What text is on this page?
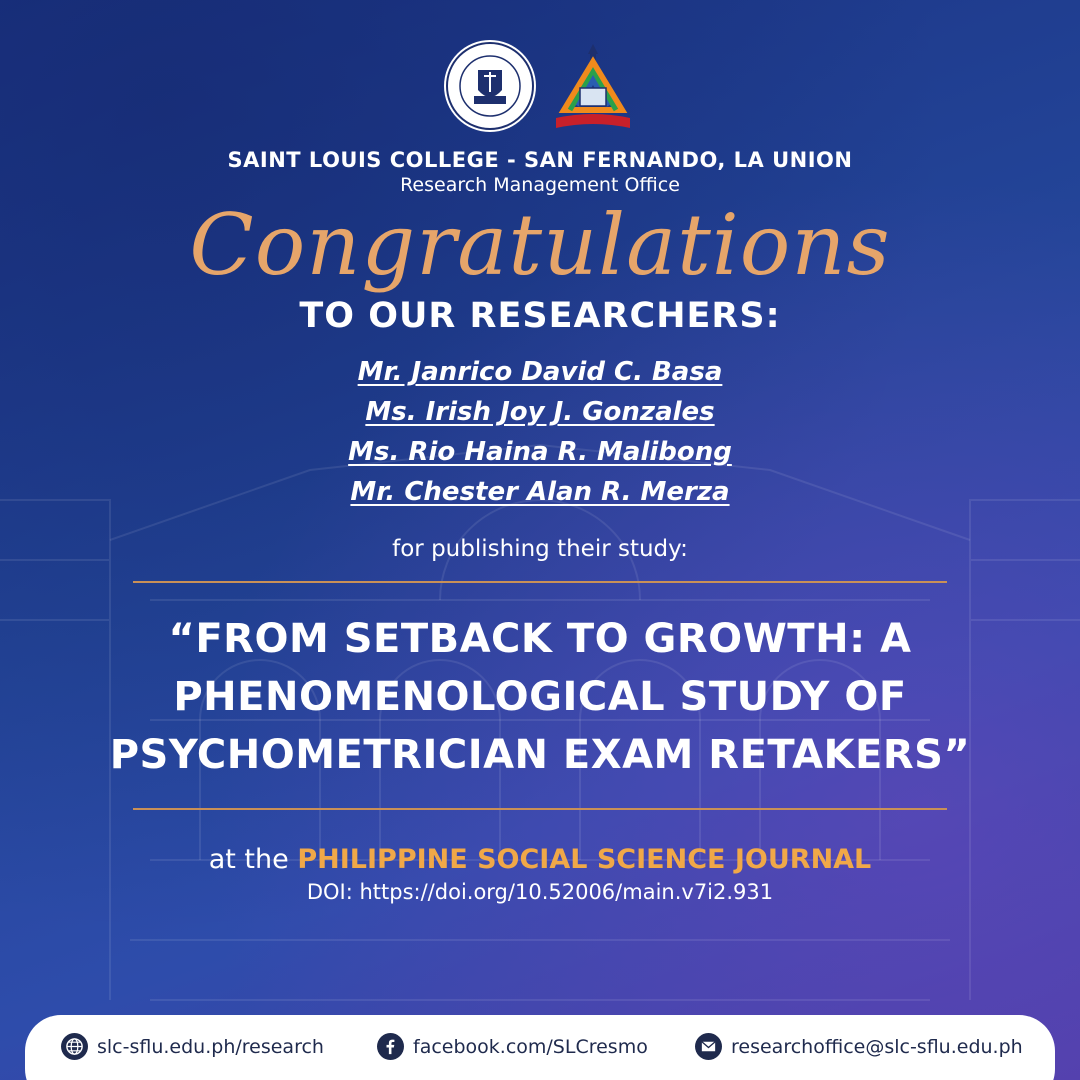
SAINT LOUIS COLLEGE - SAN FERNANDO, LA UNION
Research Management Office
Congratulations
TO OUR RESEARCHERS:
Mr. Janrico David C. Basa
Ms. Irish Joy J. Gonzales
Ms. Rio Haina R. Malibong
Mr. Chester Alan R. Merza
for publishing their study:
“FROM SETBACK TO GROWTH: A
PHENOMENOLOGICAL STUDY OF
PSYCHOMETRICIAN EXAM RETAKERS”
at the PHILIPPINE SOCIAL SCIENCE JOURNAL
DOI: https://doi.org/10.52006/main.v7i2.931
slc-sflu.edu.ph/research	facebook.com/SLCresmo	researchoffice@slc-sflu.edu.ph
